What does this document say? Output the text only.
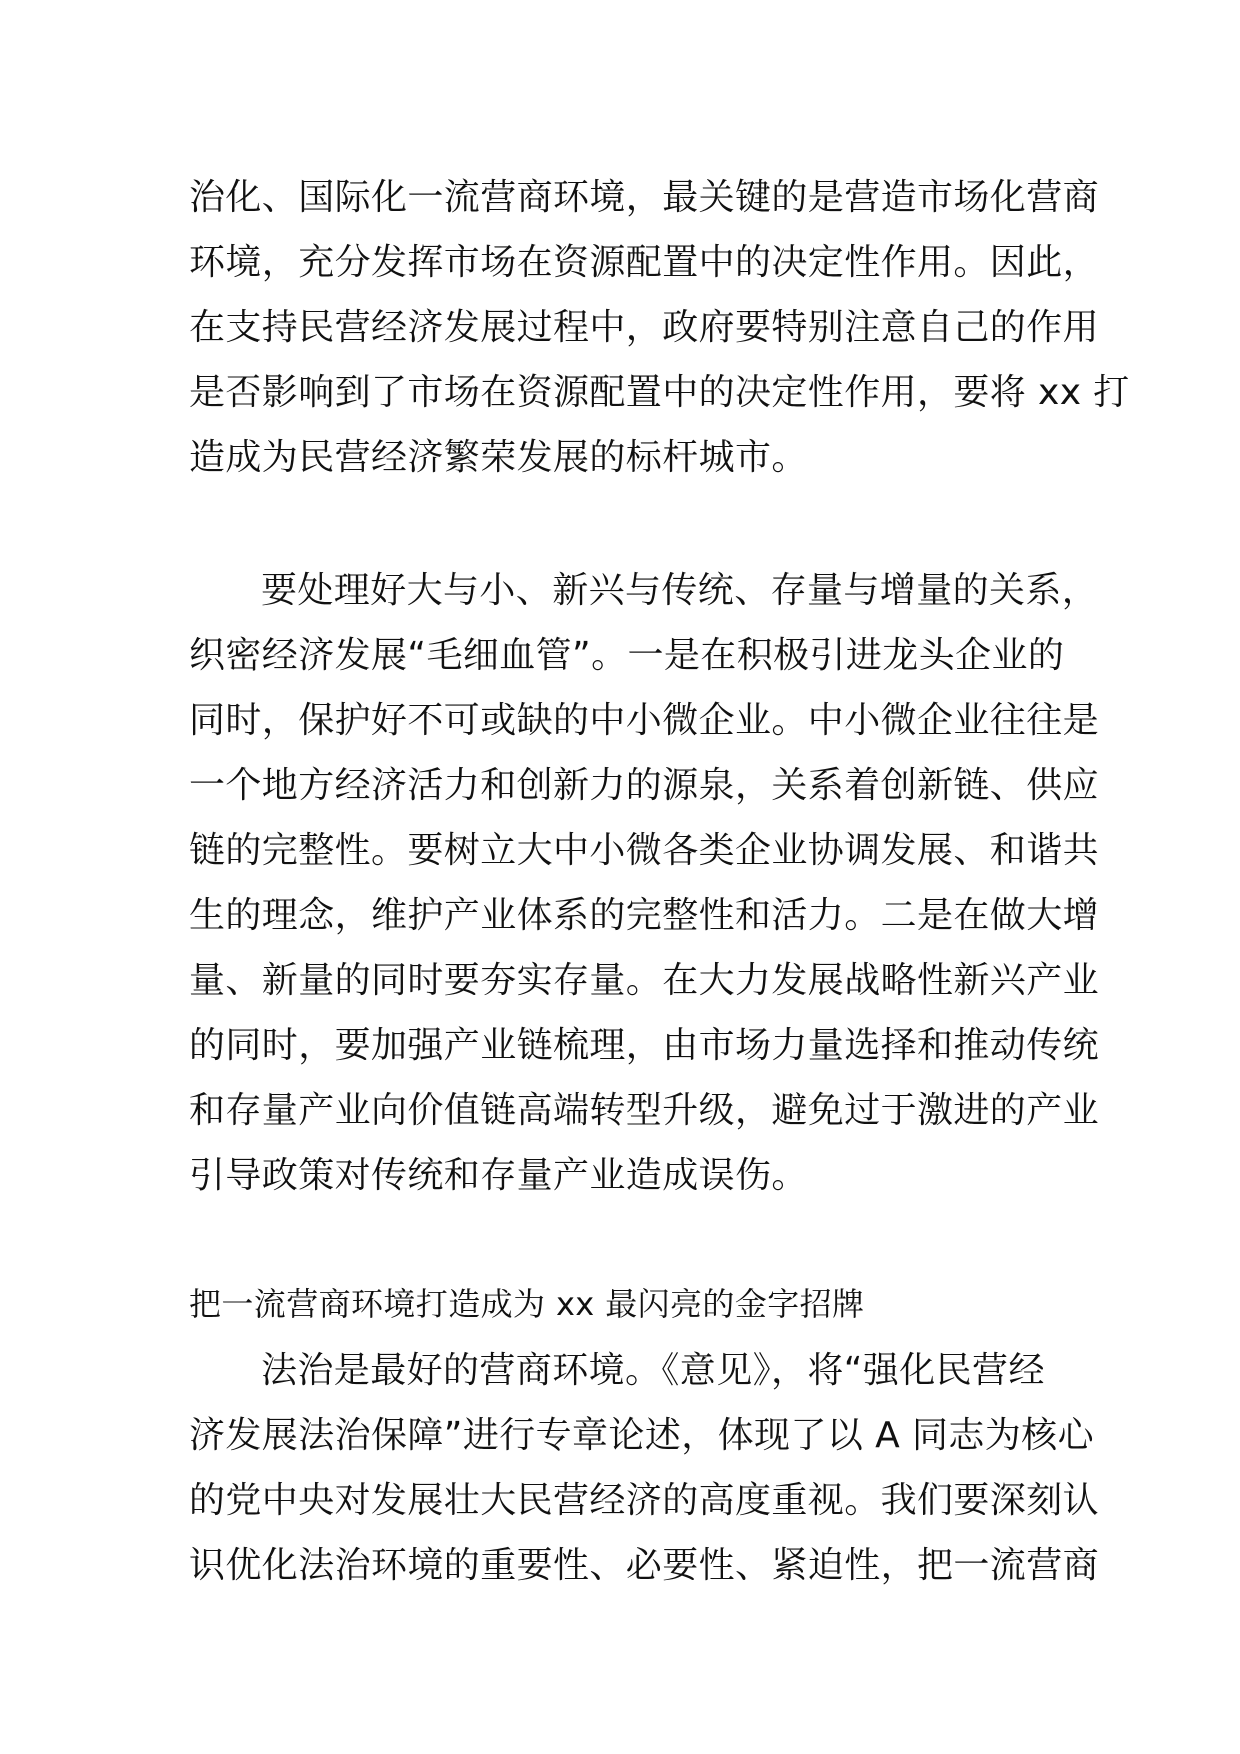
治化、国际化一流营商环境，最关键的是营造市场化营商
环境，充分发挥市场在资源配置中的决定性作用。因此，
在支持民营经济发展过程中，政府要特别注意自己的作用
是否影响到了市场在资源配置中的决定性作用，要将 xx 打
造成为民营经济繁荣发展的标杆城市。
要处理好大与小、新兴与传统、存量与增量的关系，
织密经济发展“毛细血管”。一是在积极引进龙头企业的
同时，保护好不可或缺的中小微企业。中小微企业往往是
一个地方经济活力和创新力的源泉，关系着创新链、供应
链的完整性。要树立大中小微各类企业协调发展、和谐共
生的理念，维护产业体系的完整性和活力。二是在做大增
量、新量的同时要夯实存量。在大力发展战略性新兴产业
的同时，要加强产业链梳理，由市场力量选择和推动传统
和存量产业向价值链高端转型升级，避免过于激进的产业
引导政策对传统和存量产业造成误伤。
把一流营商环境打造成为 xx 最闪亮的金字招牌
法治是最好的营商环境。《意见》，将“强化民营经
济发展法治保障”进行专章论述，体现了以 A 同志为核心
的党中央对发展壮大民营经济的高度重视。我们要深刻认
识优化法治环境的重要性、必要性、紧迫性，把一流营商
